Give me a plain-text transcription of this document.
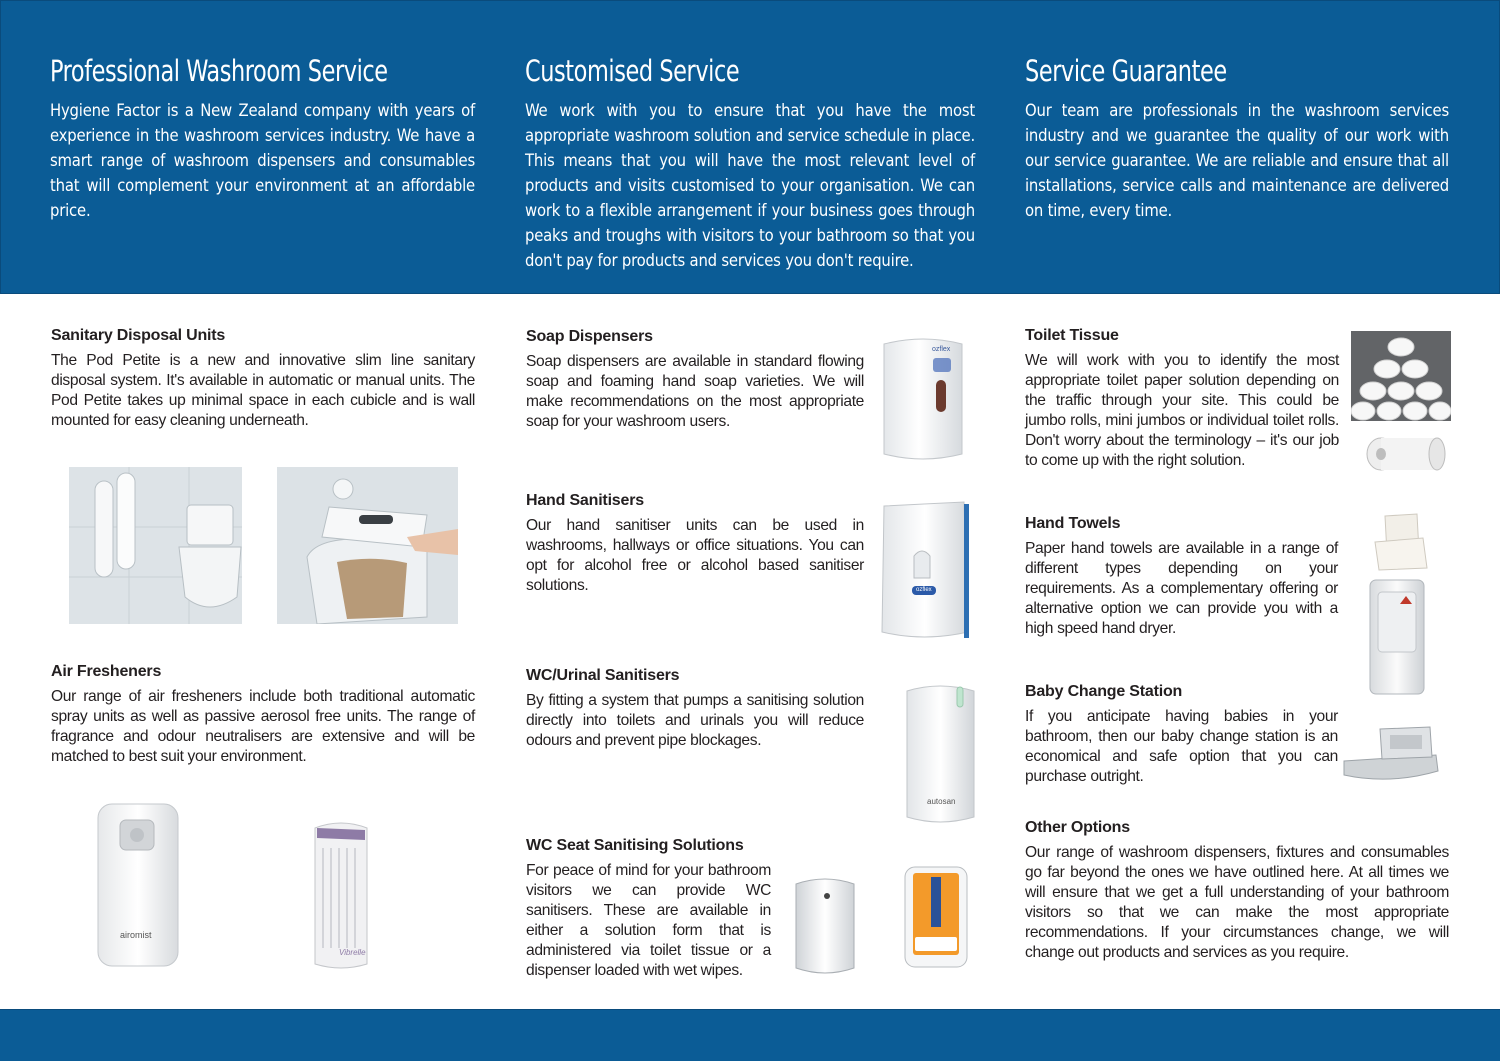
Professional Washroom Service

Hygiene Factor is a New Zealand company with years of experience in the washroom services industry. We have a smart range of washroom dispensers and consumables that will complement your environment at an affordable price.

Customised Service

We work with you to ensure that you have the most appropriate washroom solution and service schedule in place. This means that you will have the most relevant level of products and visits customised to your organisation. We can work to a flexible arrangement if your business goes through peaks and troughs with visitors to your bathroom so that you don't pay for products and services you don't require.

Service Guarantee

Our team are professionals in the washroom services industry and we guarantee the quality of our work with our service guarantee. We are reliable and ensure that all installations, service calls and maintenance are delivered on time, every time.

Sanitary Disposal Units

The Pod Petite is a new and innovative slim line sanitary disposal system. It's available in automatic or manual units. The Pod Petite takes up minimal space in each cubicle and is wall mounted for easy cleaning underneath.

Air Fresheners

Our range of air fresheners include both traditional automatic spray units as well as passive aerosol free units. The range of fragrance and odour neutralisers are extensive and will be matched to best suit your environment.

airomist
Vibrelle
Soap Dispensers

Soap dispensers are available in standard flowing soap and foaming hand soap varieties. We will make recommendations on the most appropriate soap for your washroom users.

ozflex
Hand Sanitisers

Our hand sanitiser units can be used in washrooms, hallways or office situations. You can opt for alcohol free or alcohol based sanitiser solutions.	ozflex
WC/Urinal Sanitisers

By fitting a system that pumps a sanitising solution directly into toilets and urinals you will reduce odours and prevent pipe blockages.

autosan
WC Seat Sanitising Solutions

For peace of mind for your bathroom visitors we can provide WC sanitisers. These are available in either a solution form that is administered via toilet tissue or a dispenser loaded with wet wipes.

Toilet Tissue

We will work with you to identify the most appropriate toilet paper solution depending on the traffic through your site. This could be jumbo rolls, mini jumbos or individual toilet rolls. Don't worry about the terminology – it's our job to come up with the right solution.

Hand Towels

Paper hand towels are available in a range of different types depending on your requirements. As a complementary offering or alternative option we can provide you with a high speed hand dryer.

Baby Change Station

If you anticipate having babies in your bathroom, then our baby change station is an economical and safe option that you can purchase outright.

Other Options

Our range of washroom dispensers, fixtures and consumables go far beyond the ones we have outlined here. At all times we will ensure that we get a full understanding of your bathroom visitors so that we can make the most appropriate recommendations. If your circumstances change, we will change out products and services as you require.
